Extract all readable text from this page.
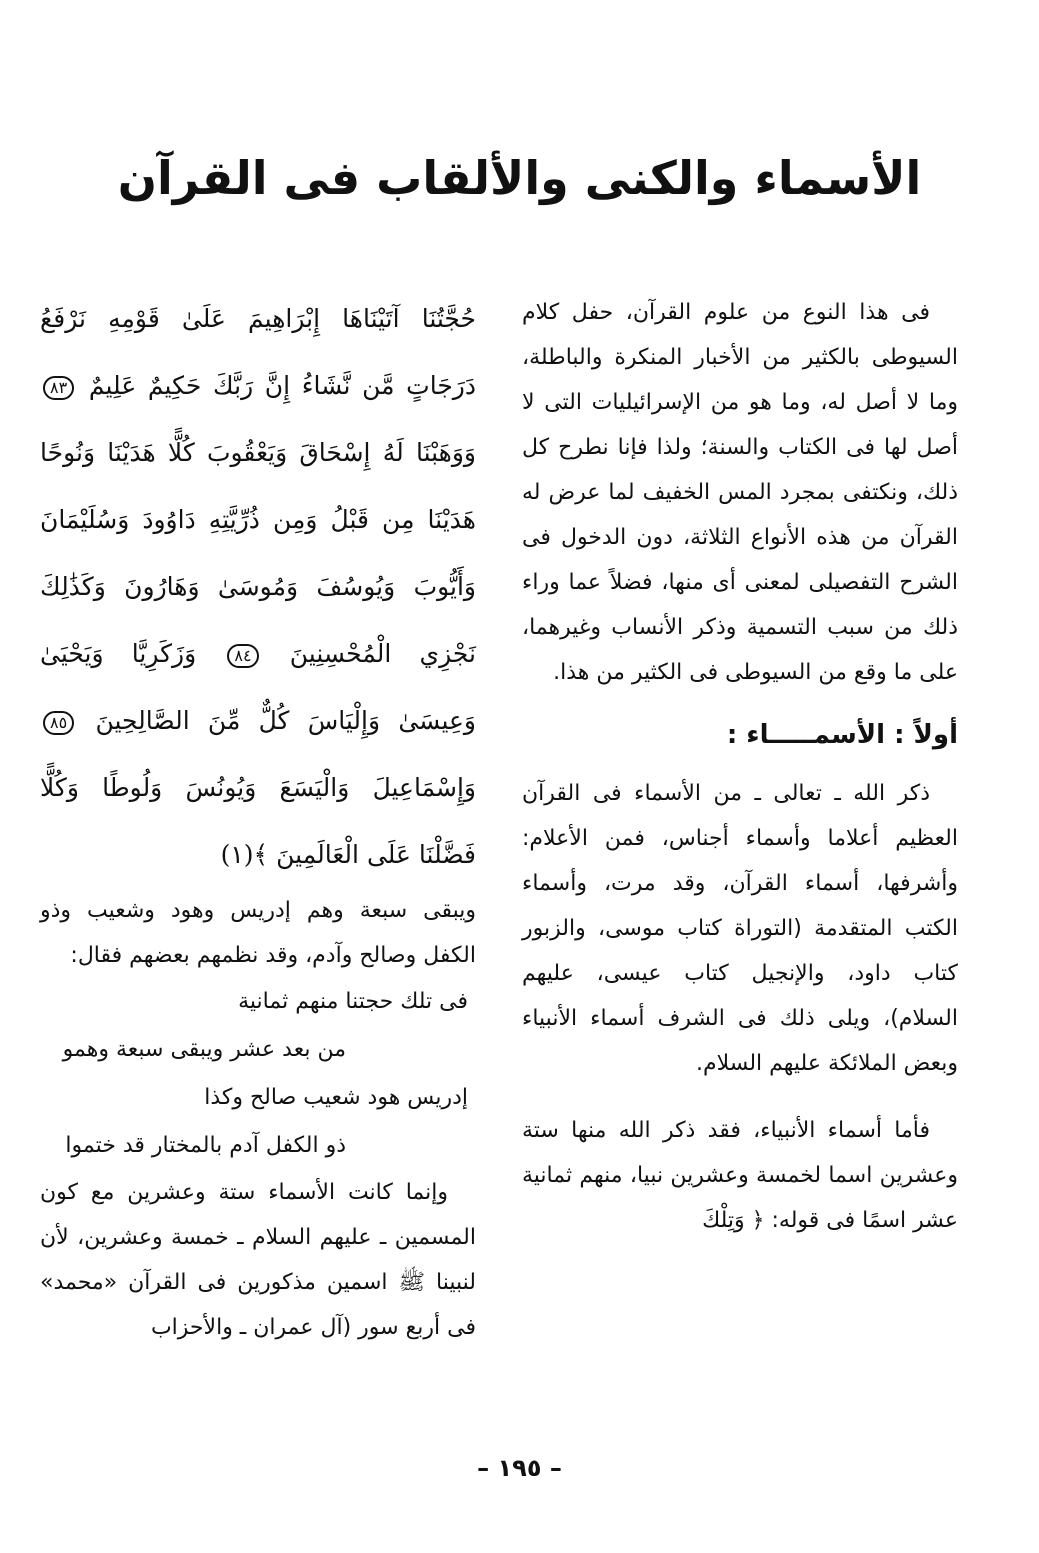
الأسماء والكنى والألقاب فى القرآن

فى هذا النوع من علوم القرآن، حفل كلام السيوطى بالكثير من الأخبار المنكرة والباطلة، وما لا أصل له، وما هو من الإسرائيليات التى لا أصل لها فى الكتاب والسنة؛ ولذا فإنا نطرح كل ذلك، ونكتفى بمجرد المس الخفيف لما عرض له القرآن من هذه الأنواع الثلاثة، دون الدخول فى الشرح التفصيلى لمعنى أى منها، فضلاً عما وراء ذلك من سبب التسمية وذكر الأنساب وغيرهما، على ما وقع من السيوطى فى الكثير من هذا.

أولاً : الأسمـــــاء :

ذكر الله ـ تعالى ـ من الأسماء فى القرآن العظيم أعلاما وأسماء أجناس، فمن الأعلام: وأشرفها، أسماء القرآن، وقد مرت، وأسماء الكتب المتقدمة (التوراة كتاب موسى، والزبور كتاب داود، والإنجيل كتاب عيسى، عليهم السلام)، ويلى ذلك فى الشرف أسماء الأنبياء وبعض الملائكة عليهم السلام.

فأما أسماء الأنبياء، فقد ذكر الله منها ستة وعشرين اسما لخمسة وعشرين نبيا، منهم ثمانية عشر اسمًا فى قوله: ﴿ وَتِلْكَ

حُجَّتُنَا آتَيْنَاهَا إِبْرَاهِيمَ عَلَىٰ قَوْمِهِ نَرْفَعُ دَرَجَاتٍ مَّن نَّشَاءُ إِنَّ رَبَّكَ حَكِيمٌ عَلِيمٌ ٨٣ وَوَهَبْنَا لَهُ إِسْحَاقَ وَيَعْقُوبَ كُلًّا هَدَيْنَا وَنُوحًا هَدَيْنَا مِن قَبْلُ وَمِن ذُرِّيَّتِهِ دَاوُودَ وَسُلَيْمَانَ وَأَيُّوبَ وَيُوسُفَ وَمُوسَىٰ وَهَارُونَ وَكَذَٰلِكَ نَجْزِي الْمُحْسِنِينَ ٨٤ وَزَكَرِيَّا وَيَحْيَىٰ وَعِيسَىٰ وَإِلْيَاسَ كُلٌّ مِّنَ الصَّالِحِينَ ٨٥ وَإِسْمَاعِيلَ وَالْيَسَعَ وَيُونُسَ وَلُوطًا وَكُلًّا فَضَّلْنَا عَلَى الْعَالَمِينَ ﴾(١)

ويبقى سبعة وهم إدريس وهود وشعيب وذو الكفل وصالح وآدم، وقد نظمهم بعضهم فقال:

فى تلك حجتنا منهم ثمانية

من بعد عشر ويبقى سبعة وهمو

إدريس هود شعيب صالح وكذا

ذو الكفل آدم بالمختار قد ختموا

وإنما كانت الأسماء ستة وعشرين مع كون المسمين ـ عليهم السلام ـ خمسة وعشرين، لأن لنبينا ﷺ اسمين مذكورين فى القرآن «محمد» فى أربع سور (آل عمران ـ والأحزاب

– ١٩٥ –
